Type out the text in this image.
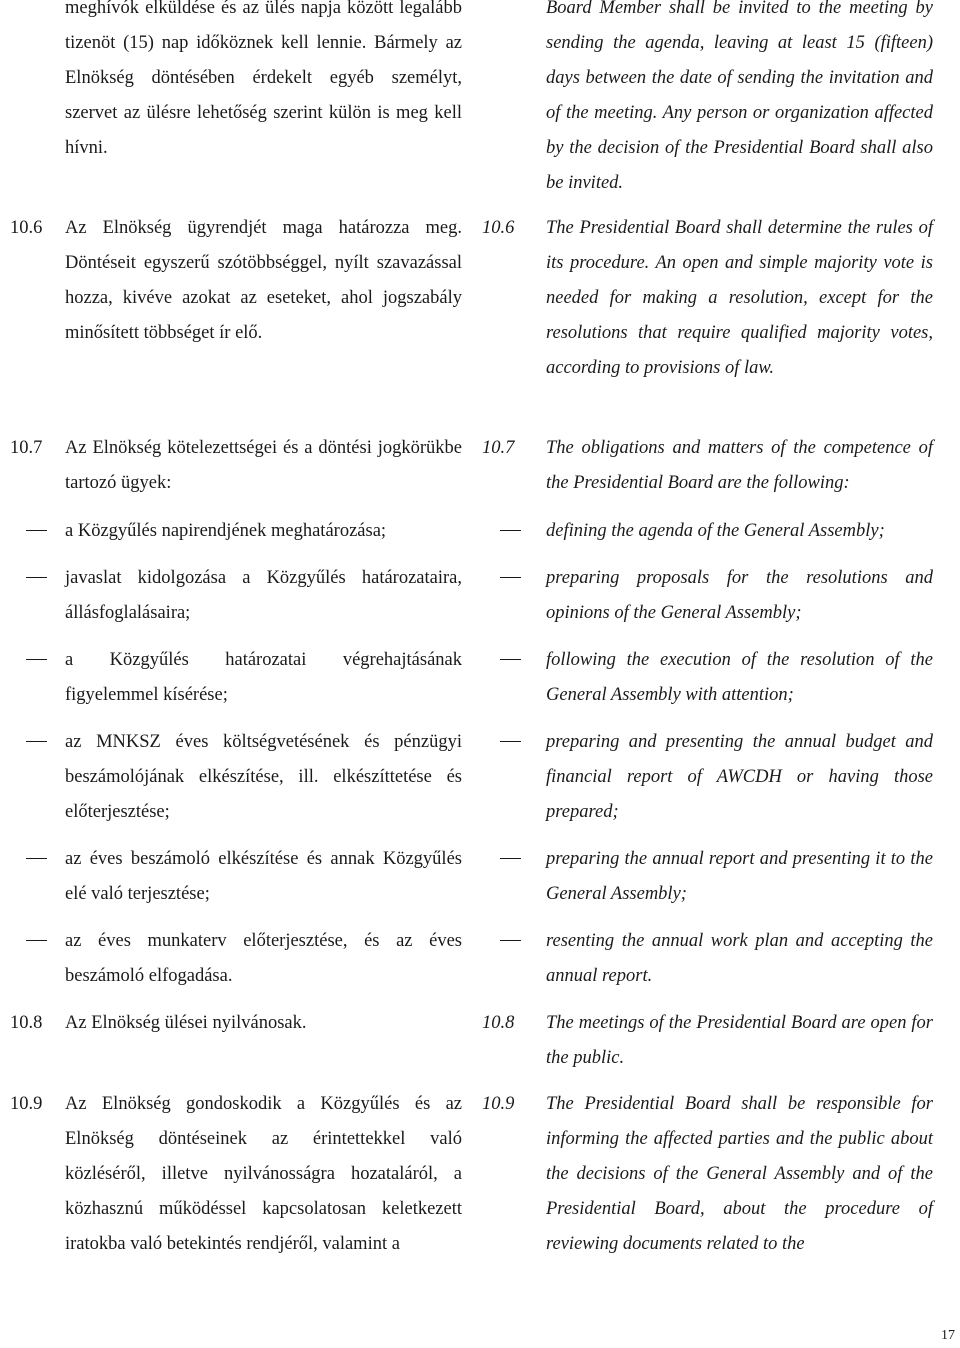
meghívók elküldése és az ülés napja között legalább tizenöt (15) nap időköznek kell lennie. Bármely az Elnökség döntésében érdekelt egyéb személyt, szervet az ülésre lehetőség szerint külön is meg kell hívni.

10.6 Az Elnökség ügyrendjét maga határozza meg. Döntéseit egyszerű szótöbbséggel, nyílt szavazással hozza, kivéve azokat az eseteket, ahol jogszabály minősített többséget ír elő.

10.7 Az Elnökség kötelezettségei és a döntési jogkörükbe tartozó ügyek:

a Közgyűlés napirendjének meghatározása;

javaslat kidolgozása a Közgyűlés határozataira, állásfoglalásaira;

a Közgyűlés határozatai végrehajtásának figyelemmel kísérése;

az MNKSZ éves költségvetésének és pénzügyi beszámolójának elkészítése, ill. elkészíttetése és előterjesztése;

az éves beszámoló elkészítése és annak Közgyűlés elé való terjesztése;

az éves munkaterv előterjesztése, és az éves beszámoló elfogadása.

10.8 Az Elnökség ülései nyilvánosak.

10.9 Az Elnökség gondoskodik a Közgyűlés és az Elnökség döntéseinek az érintettekkel való közléséről, illetve nyilvánosságra hozataláról, a közhasznú működéssel kapcsolatosan keletkezett iratokba való betekintés rendjéről, valamint a

Board Member shall be invited to the meeting by sending the agenda, leaving at least 15 (fifteen) days between the date of sending the invitation and of the meeting. Any person or organization affected by the decision of the Presidential Board shall also be invited.

10.6 The Presidential Board shall determine the rules of its procedure. An open and simple majority vote is needed for making a resolution, except for the resolutions that require qualified majority votes, according to provisions of law.

10.7 The obligations and matters of the competence of the Presidential Board are the following:

defining the agenda of the General Assembly;

preparing proposals for the resolutions and opinions of the General Assembly;

following the execution of the resolution of the General Assembly with attention;

preparing and presenting the annual budget and financial report of AWCDH or having those prepared;

preparing the annual report and presenting it to the General Assembly;

resenting the annual work plan and accepting the annual report.

10.8 The meetings of the Presidential Board are open for the public.

10.9 The Presidential Board shall be responsible for informing the affected parties and the public about the decisions of the General Assembly and of the Presidential Board, about the procedure of reviewing documents related to the

17
